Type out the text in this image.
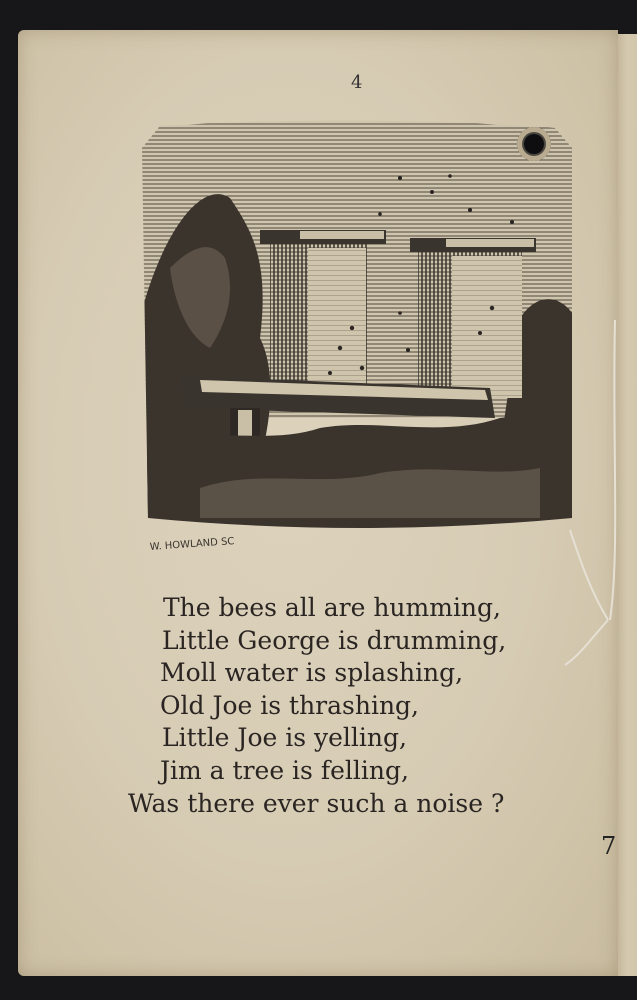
4
W. HOWLAND SC
The bees all are humming,
Little George is drumming,
Moll water is splashing,
Old Joe is thrashing,
Little Joe is yelling,
Jim a tree is felling,
Was there ever such a noise ?
7
